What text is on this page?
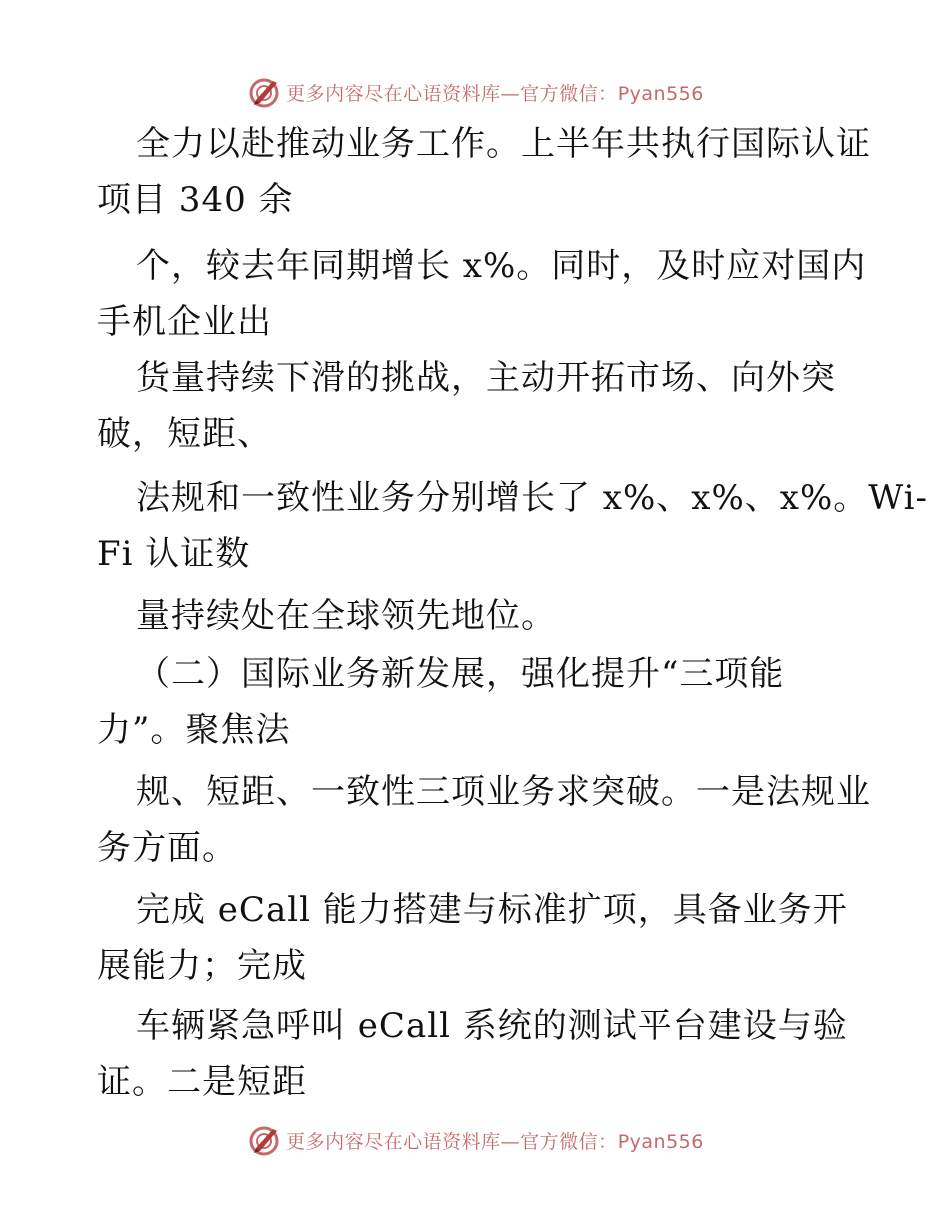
更多内容尽在心语资料库—官方微信：Pyan556
全力以赴推动业务工作。上半年共执行国际认证
项目 340 余
个，较去年同期增长 x%。同时，及时应对国内
手机企业出
货量持续下滑的挑战，主动开拓市场、向外突
破，短距、
法规和一致性业务分别增长了 x%、x%、x%。Wi-
Fi 认证数
量持续处在全球领先地位。
（二）国际业务新发展，强化提升“三项能
力”。聚焦法
规、短距、一致性三项业务求突破。一是法规业
务方面。
完成 eCall 能力搭建与标准扩项，具备业务开
展能力；完成
车辆紧急呼叫 eCall 系统的测试平台建设与验
证。二是短距
更多内容尽在心语资料库—官方微信：Pyan556
